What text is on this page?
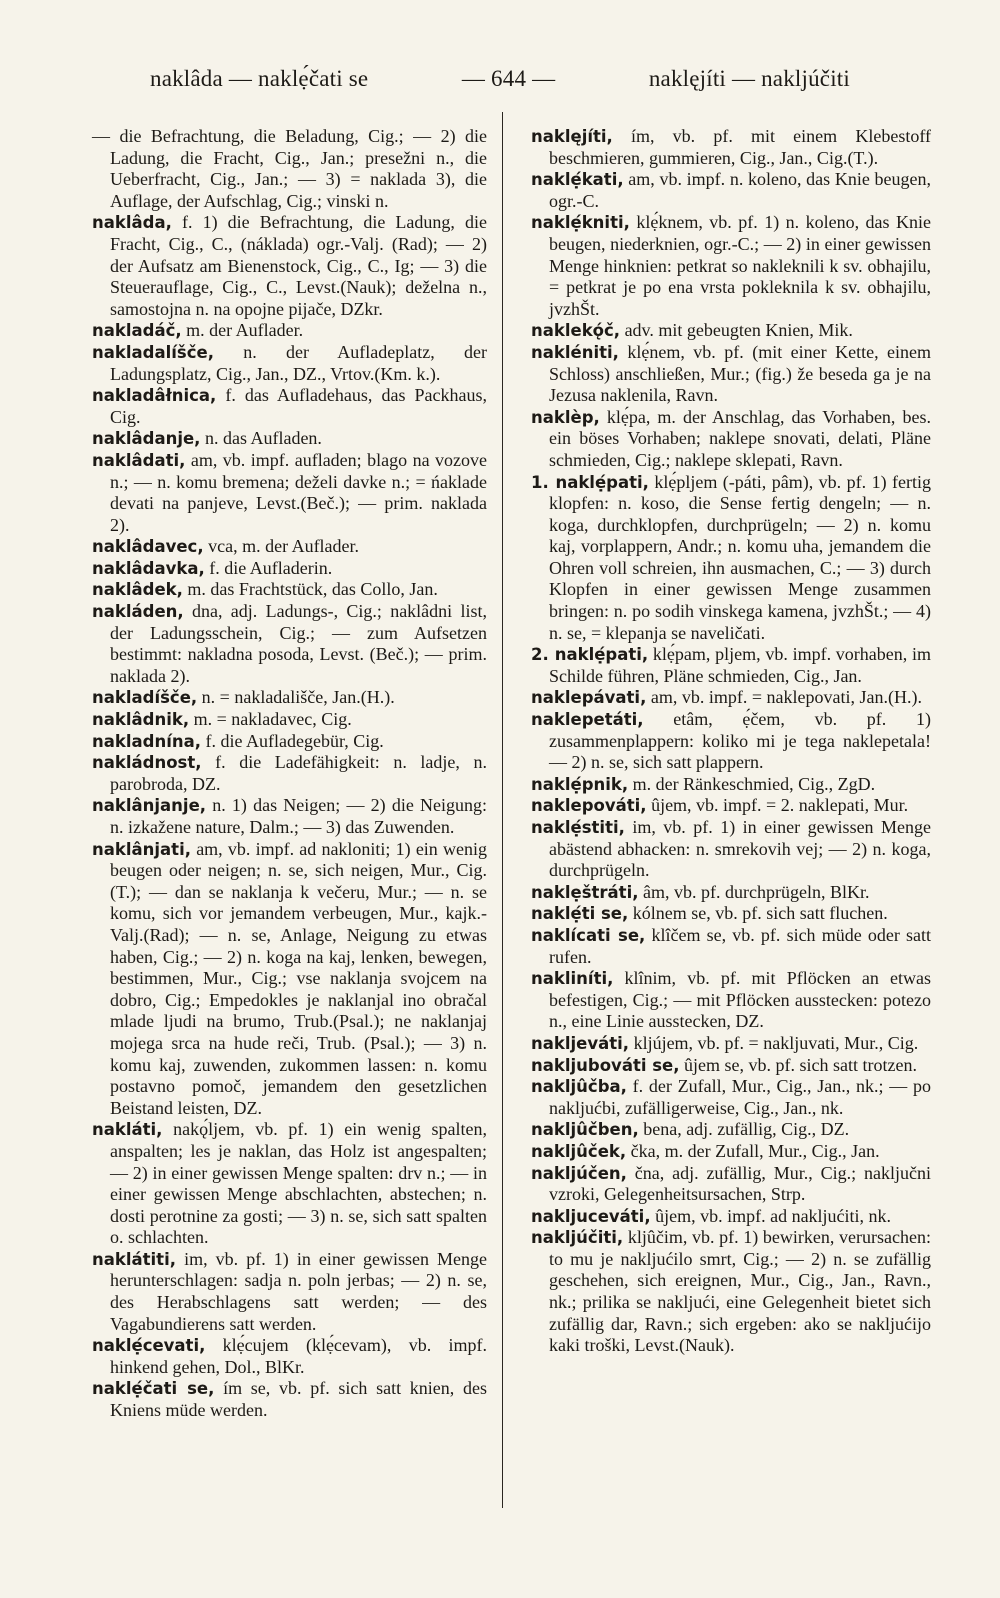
naklâda — naklẹ́čati se	— 644 —	naklęjíti — naklјúčiti

— die Befrachtung, die Beladung, Cig.; — 2) die Ladung, die Fracht, Cig., Jan.; presežni n., die Ueberfracht, Cig., Jan.; — 3) = naklada 3), die Auflage, der Aufschlag, Cig.; vinski n.

naklâda, f. 1) die Befrachtung, die Ladung, die Fracht, Cig., C., (náklada) ogr.-Valj. (Rad); — 2) der Aufsatz am Bienenstock, Cig., C., Ig; — 3) die Steuerauflage, Cig., C., Levst.(Nauk); deželna n., samostojna n. na opojne pijače, DZkr.

nakladáč, m. der Auflader.

nakladalíšče, n. der Aufladeplatz, der Ladungsplatz, Cig., Jan., DZ., Vrtov.(Km. k.).

nakladâłnica, f. das Aufladehaus, das Packhaus, Cig.

naklâdanje, n. das Aufladen.

naklâdati, am, vb. impf. aufladen; blago na vozove n.; — n. komu bremena; deželi davke n.; = ńaklade devati na panjeve, Levst.(Beč.); — prim. naklada 2).

naklâdavec, vca, m. der Auflader.

naklâdavka, f. die Aufladerin.

naklâdek, m. das Frachtstück, das Collo, Jan.

nakláden, dna, adj. Ladungs-, Cig.; naklâdni list, der Ladungsschein, Cig.; — zum Aufsetzen bestimmt: nakladna posoda, Levst. (Beč.); — prim. naklada 2).

nakladíšče, n. = nakladališče, Jan.(H.).

naklâdnik, m. = nakladavec, Cig.

nakladnína, f. die Aufladegebür, Cig.

nakládnost, f. die Ladefähigkeit: n. ladje, n. parobroda, DZ.

naklânjanje, n. 1) das Neigen; — 2) die Neigung: n. izkažene nature, Dalm.; — 3) das Zuwenden.

naklânjati, am, vb. impf. ad nakloniti; 1) ein wenig beugen oder neigen; n. se, sich neigen, Mur., Cig.(T.); — dan se naklanja k večeru, Mur.; — n. se komu, sich vor jemandem verbeugen, Mur., kajk.-Valj.(Rad); — n. se, Anlage, Neigung zu etwas haben, Cig.; — 2) n. koga na kaj, lenken, bewegen, bestimmen, Mur., Cig.; vse naklanja svojcem na dobro, Cig.; Empedokles je naklanjal ino obračal mlade ljudi na brumo, Trub.(Psal.); ne naklanjaj mojega srca na hude reči, Trub. (Psal.); — 3) n. komu kaj, zuwenden, zukommen lassen: n. komu postavno pomoč, jemandem den gesetzlichen Beistand leisten, DZ.

nakláti, nakǫ́ljem, vb. pf. 1) ein wenig spalten, anspalten; les je naklan, das Holz ist angespalten; — 2) in einer gewissen Menge spalten: drv n.; — in einer gewissen Menge abschlachten, abstechen; n. dosti perotnine za gosti; — 3) n. se, sich satt spalten o. schlachten.

naklátiti, im, vb. pf. 1) in einer gewissen Menge herunterschlagen: sadja n. poln jerbas; — 2) n. se, des Herabschlagens satt werden; — des Vagabundierens satt werden.

naklẹ́cevati, klẹ́cujem (klẹ́cevam), vb. impf. hinkend gehen, Dol., BlKr.

naklẹ́čati se, ím se, vb. pf. sich satt knien, des Kniens müde werden.

naklęjíti, ím, vb. pf. mit einem Klebestoff beschmieren, gummieren, Cig., Jan., Cig.(T.).

naklẹ́kati, am, vb. impf. n. koleno, das Knie beugen, ogr.-C.

naklẹ́kniti, klẹ́knem, vb. pf. 1) n. koleno, das Knie beugen, niederknien, ogr.-C.; — 2) in einer gewissen Menge hinknien: petkrat so nakleknili k sv. obhajilu, = petkrat je po ena vrsta pokleknila k sv. obhajilu, jvzhŠt.

naklekǫ́č, adv. mit gebeugten Knien, Mik.

nakléniti, klẹ́nem, vb. pf. (mit einer Kette, einem Schloss) anschließen, Mur.; (fig.) že beseda ga je na Jezusa naklenila, Ravn.

naklèp, klẹ́pa, m. der Anschlag, das Vorhaben, bes. ein böses Vorhaben; naklepe snovati, delati, Pläne schmieden, Cig.; naklepe sklepati, Ravn.

1. naklẹ́pati, klẹ́pljem (-páti, pâm), vb. pf. 1) fertig klopfen: n. koso, die Sense fertig dengeln; — n. koga, durchklopfen, durchprügeln; — 2) n. komu kaj, vorplappern, Andr.; n. komu uha, jemandem die Ohren voll schreien, ihn ausmachen, C.; — 3) durch Klopfen in einer gewissen Menge zusammen bringen: n. po sodih vinskega kamena, jvzhŠt.; — 4) n. se, = klepanja se naveličati.

2. naklẹ́pati, klẹ́pam, pljem, vb. impf. vorhaben, im Schilde führen, Pläne schmieden, Cig., Jan.

naklepávati, am, vb. impf. = naklepovati, Jan.(H.).

naklepetáti, etâm, ẹ́čem, vb. pf. 1) zusammenplappern: koliko mi je tega naklepetala! — 2) n. se, sich satt plappern.

naklẹ́pnik, m. der Ränkeschmied, Cig., ZgD.

naklepováti, ûjem, vb. impf. = 2. naklepati, Mur.

naklẹ́stiti, im, vb. pf. 1) in einer gewissen Menge abästend abhacken: n. smrekovih vej; — 2) n. koga, durchprügeln.

naklẹštráti, âm, vb. pf. durchprügeln, BlKr.

naklẹ́ti se, kólnem se, vb. pf. sich satt fluchen.

naklícati se, klîčem se, vb. pf. sich müde oder satt rufen.

nakliníti, klînim, vb. pf. mit Pflöcken an etwas befestigen, Cig.; — mit Pflöcken ausstecken: potezo n., eine Linie ausstecken, DZ.

naklјeváti, kljújem, vb. pf. = nakljuvati, Mur., Cig.

nakljubováti se, ûjem se, vb. pf. sich satt trotzen.

naklјûčba, f. der Zufall, Mur., Cig., Jan., nk.; — po nakljućbi, zufälligerweise, Cig., Jan., nk.

naklјûčben, bena, adj. zufällig, Cig., DZ.

naklјûček, čka, m. der Zufall, Mur., Cig., Jan.

naklјúčen, čna, adj. zufällig, Mur., Cig.; naključni vzroki, Gelegenheitsursachen, Strp.

nakljuceváti, ûjem, vb. impf. ad nakljućiti, nk.

naklјúčiti, kljûčim, vb. pf. 1) bewirken, verursachen: to mu je nakljućilo smrt, Cig.; — 2) n. se zufällig geschehen, sich ereignen, Mur., Cig., Jan., Ravn., nk.; prilika se nakljući, eine Gelegenheit bietet sich zufällig dar, Ravn.; sich ergeben: ako se nakljućijo kaki troški, Levst.(Nauk).
